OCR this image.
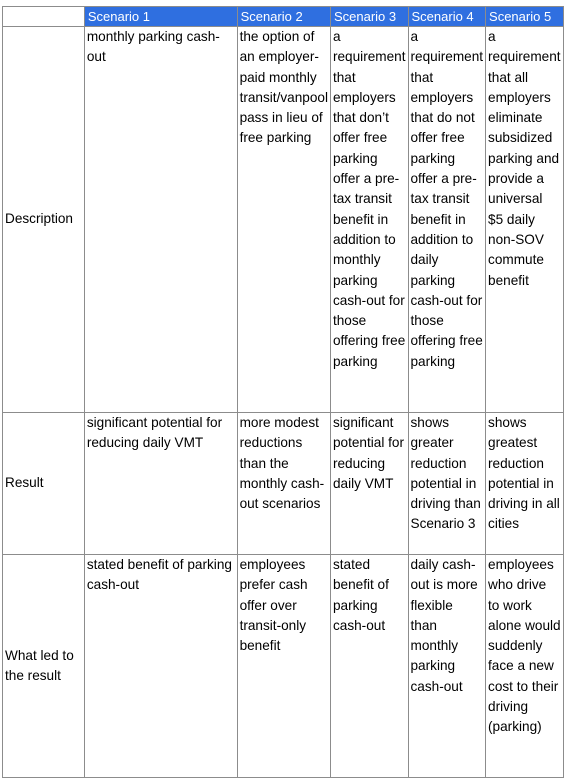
	Scenario 1	Scenario 2	Scenario 3	Scenario 4	Scenario 5
Description	monthly parking cash-out	the option of an employer-paid monthly transit/vanpool pass in lieu of free parking	a requirement that employers that don’t offer free parking offer a pre-tax transit benefit in addition to monthly parking cash-out for those offering free parking	a requirement that employers that do not offer free parking offer a pre-tax transit benefit in addition to daily parking cash-out for those offering free parking	a requirement that all employers eliminate subsidized parking and provide a universal $5 daily non-SOV commute benefit
Result	significant potential for reducing daily VMT	more modest reductions than the monthly cash-out scenarios	significant potential for reducing daily VMT	shows greater reduction potential in driving than Scenario 3	shows greatest reduction potential in driving in all cities
What led to the result	stated benefit of parking cash-out	employees prefer cash offer over transit-only benefit	stated benefit of parking cash-out	daily cash-out is more flexible than monthly parking cash-out	employees who drive to work alone would suddenly face a new cost to their driving (parking)
